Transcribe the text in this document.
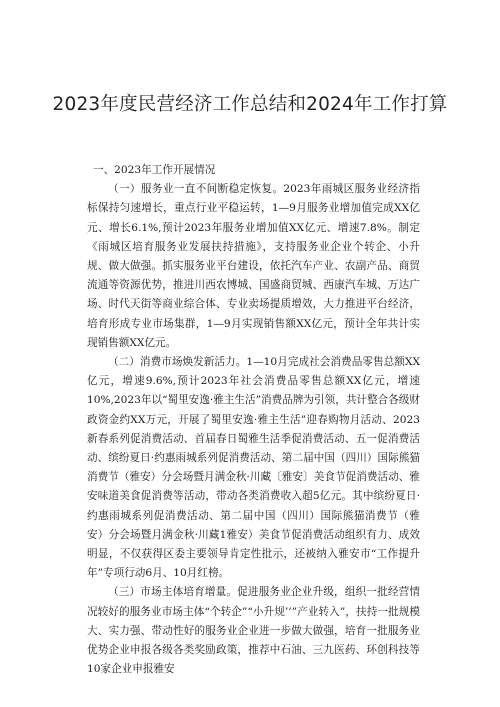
2023年度民营经济工作总结和2024年工作打算

一、2023年工作开展情况

（一）服务业一直不间断稳定恢复。2023年雨城区服务业经济指标保持匀速增长，重点行业平稳运转，1—9月服务业增加值完成XX亿元、增长6.1%,预计2023年服务业增加值XX亿元、增速7.8%。制定《雨城区培育服务业发展扶持措施》，支持服务业企业个转企、小升规、做大做强。抓实服务业平台建设，依托汽车产业、农副产品、商贸流通等资源优势，推进川西农博城、国盛商贸城、西康汽车城、万达广场、时代天街等商业综合体、专业卖场提质增效，大力推进平台经济，培育形成专业市场集群，1—9月实现销售额XX亿元，预计全年共计实现销售额XX亿元。

（二）消费市场焕发新活力。1—10月完成社会消费品零售总额XX亿元，增速9.6%,预计2023年社会消费品零售总额XX亿元，增速10%,2023年以“蜀里安逸·雅主生活”消费品牌为引领，共计整合各级财政资金约XX万元，开展了蜀里安逸·雅主生活”迎春购物月活动、2023新春系列促消费活动、首届春日蜀雅生活季促消费活动、五一促消费活动、缤纷夏日·约惠雨城系列促消费活动、第二届中国（四川）国际熊猫消费节（雅安）分会场暨月满金秋·川藏〔雅安〕美食节促消费活动、雅安味道美食促消费等活动，带动各类消费收入超5亿元。其中缤纷夏日·约惠雨城系列促消费活动、第二届中国（四川）国际熊猫消费节（雅安）分会场暨月满金秋·川藏1雅安）美食节促消费活动组织有力、成效明显，不仅获得区委主要领导肯定性批示，还被纳入雅安市“工作提升年”专项行动6月、10月红榜。

（三）市场主体培育增量。促进服务业企业升级，组织一批经营情况较好的服务业市场主体“个转企”“小升规’’”产业转入”，扶持一批规模大、实力强、带动性好的服务业企业进一步做大做强，培育一批服务业优势企业申报各级各类奖励政策，推荐中石油、三九医药、环创科技等10家企业申报雅安
